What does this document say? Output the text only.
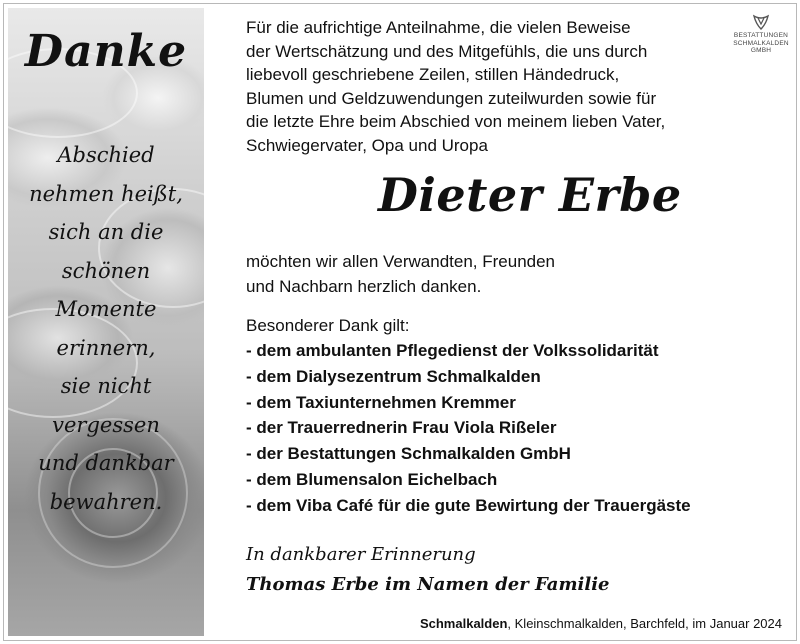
Danke
Abschied
nehmen heißt,
sich an die
schönen
Momente
erinnern,
sie nicht
vergessen
und dankbar
bewahren.
BESTATTUNGEN
SCHMALKALDEN
GMBH
Für die aufrichtige Anteilnahme, die vielen Beweise
der Wertschätzung und des Mitgefühls, die uns durch
liebevoll geschriebene Zeilen, stillen Händedruck,
Blumen und Geldzuwendungen zuteilwurden sowie für
die letzte Ehre beim Abschied von meinem lieben Vater,
Schwiegervater, Opa und Uropa
Dieter Erbe
möchten wir allen Verwandten, Freunden
und Nachbarn herzlich danken.
Besonderer Dank gilt:
- dem ambulanten Pflegedienst der Volkssolidarität
- dem Dialysezentrum Schmalkalden
- dem Taxiunternehmen Kremmer
- der Trauerrednerin Frau Viola Rißeler
- der Bestattungen Schmalkalden GmbH
- dem Blumensalon Eichelbach
- dem Viba Café für die gute Bewirtung der Trauergäste
In dankbarer Erinnerung
Thomas Erbe im Namen der Familie
Schmalkalden, Kleinschmalkalden, Barchfeld, im Januar 2024
